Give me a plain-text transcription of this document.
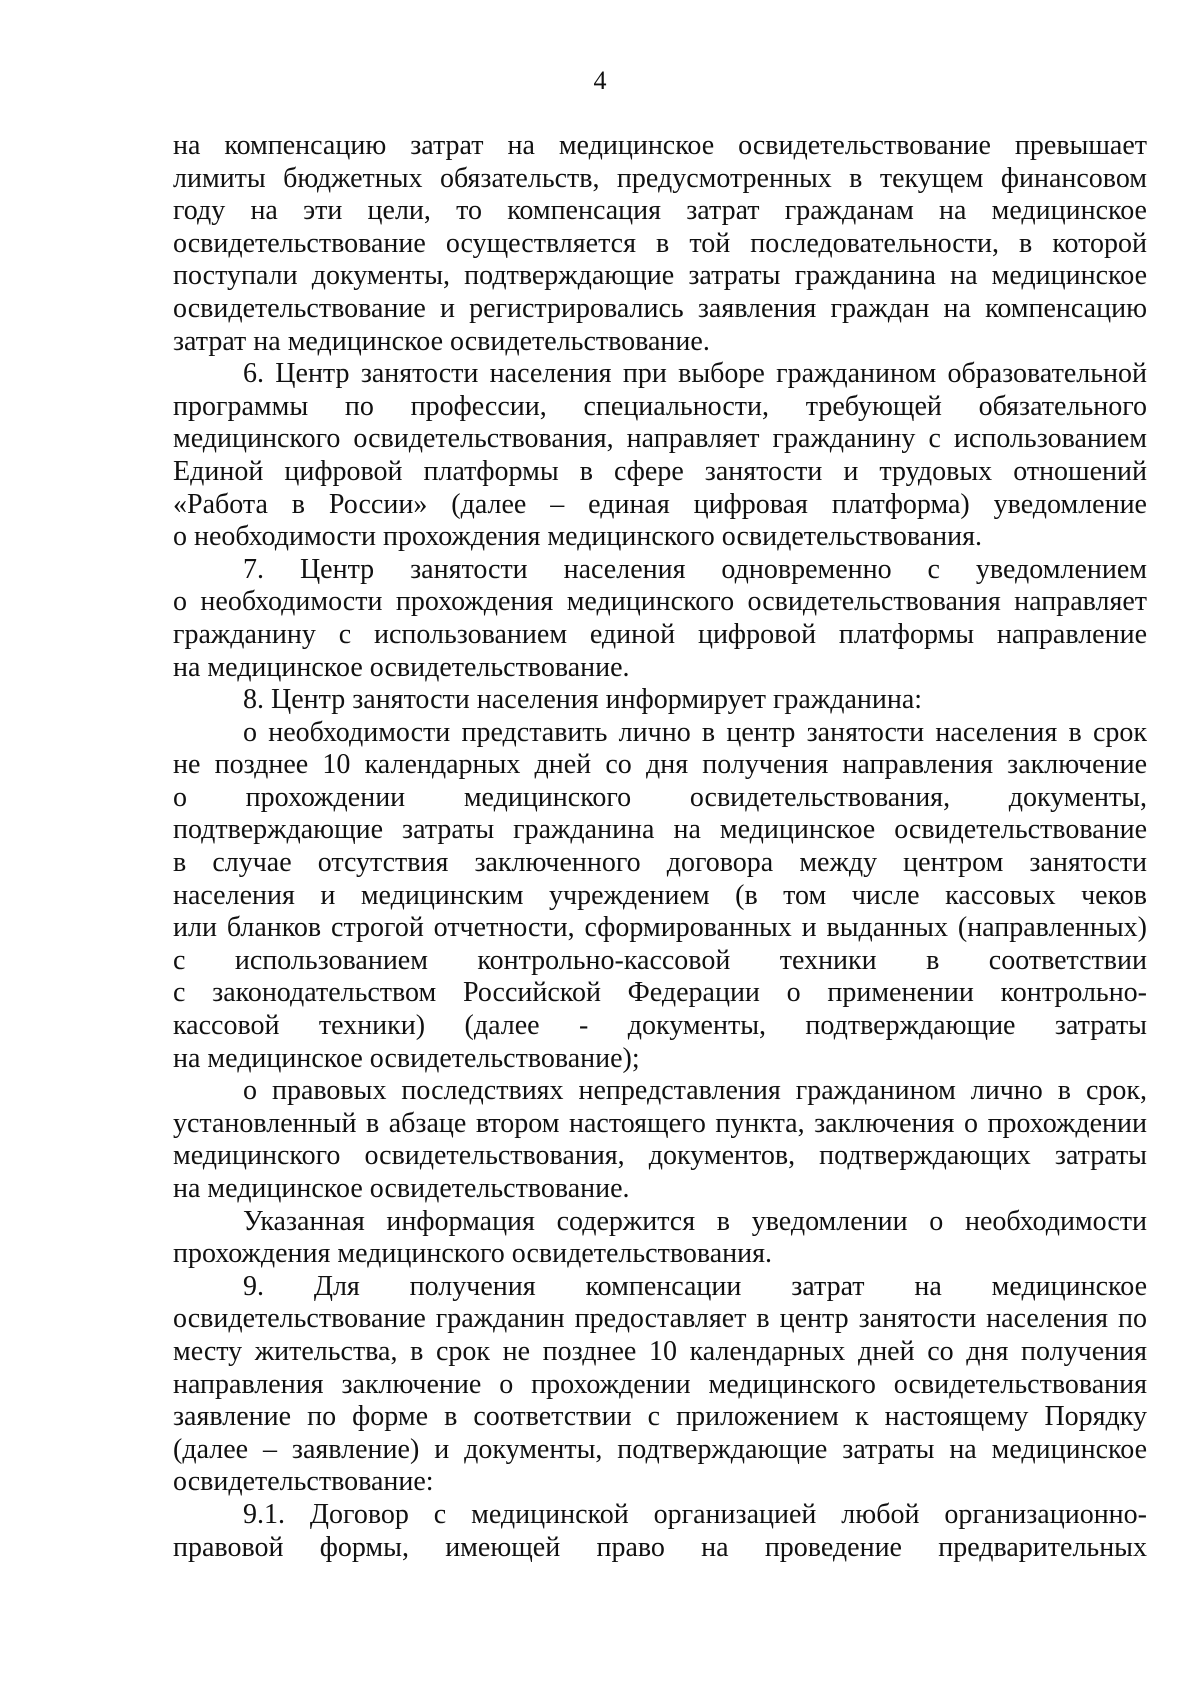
4
на компенсацию затрат на медицинское освидетельствование превышает
лимиты бюджетных обязательств, предусмотренных в текущем финансовом
году на эти цели, то компенсация затрат гражданам на медицинское
освидетельствование осуществляется в той последовательности, в которой
поступали документы, подтверждающие затраты гражданина на медицинское
освидетельствование и регистрировались заявления граждан на компенсацию
затрат на медицинское освидетельствование.
6. Центр занятости населения при выборе гражданином образовательной
программы по профессии, специальности, требующей обязательного
медицинского освидетельствования, направляет гражданину с использованием
Единой цифровой платформы в сфере занятости и трудовых отношений
«Работа в России» (далее – единая цифровая платформа) уведомление
о необходимости прохождения медицинского освидетельствования.
7. Центр занятости населения одновременно с уведомлением
о необходимости прохождения медицинского освидетельствования направляет
гражданину с использованием единой цифровой платформы направление
на медицинское освидетельствование.
8. Центр занятости населения информирует гражданина:
о необходимости представить лично в центр занятости населения в срок
не позднее 10 календарных дней со дня получения направления заключение
о прохождении медицинского освидетельствования, документы,
подтверждающие затраты гражданина на медицинское освидетельствование
в случае отсутствия заключенного договора между центром занятости
населения и медицинским учреждением (в том числе кассовых чеков
или бланков строгой отчетности, сформированных и выданных (направленных)
с использованием контрольно-кассовой техники в соответствии
с законодательством Российской Федерации о применении контрольно-
кассовой техники) (далее - документы, подтверждающие затраты
на медицинское освидетельствование);
о правовых последствиях непредставления гражданином лично в срок,
установленный в абзаце втором настоящего пункта, заключения о прохождении
медицинского освидетельствования, документов, подтверждающих затраты
на медицинское освидетельствование.
Указанная информация содержится в уведомлении о необходимости
прохождения медицинского освидетельствования.
9. Для получения компенсации затрат на медицинское
освидетельствование гражданин предоставляет в центр занятости населения по
месту жительства, в срок не позднее 10 календарных дней со дня получения
направления заключение о прохождении медицинского освидетельствования
заявление по форме в соответствии с приложением к настоящему Порядку
(далее – заявление) и документы, подтверждающие затраты на медицинское
освидетельствование:
9.1. Договор с медицинской организацией любой организационно-
правовой формы, имеющей право на проведение предварительных
